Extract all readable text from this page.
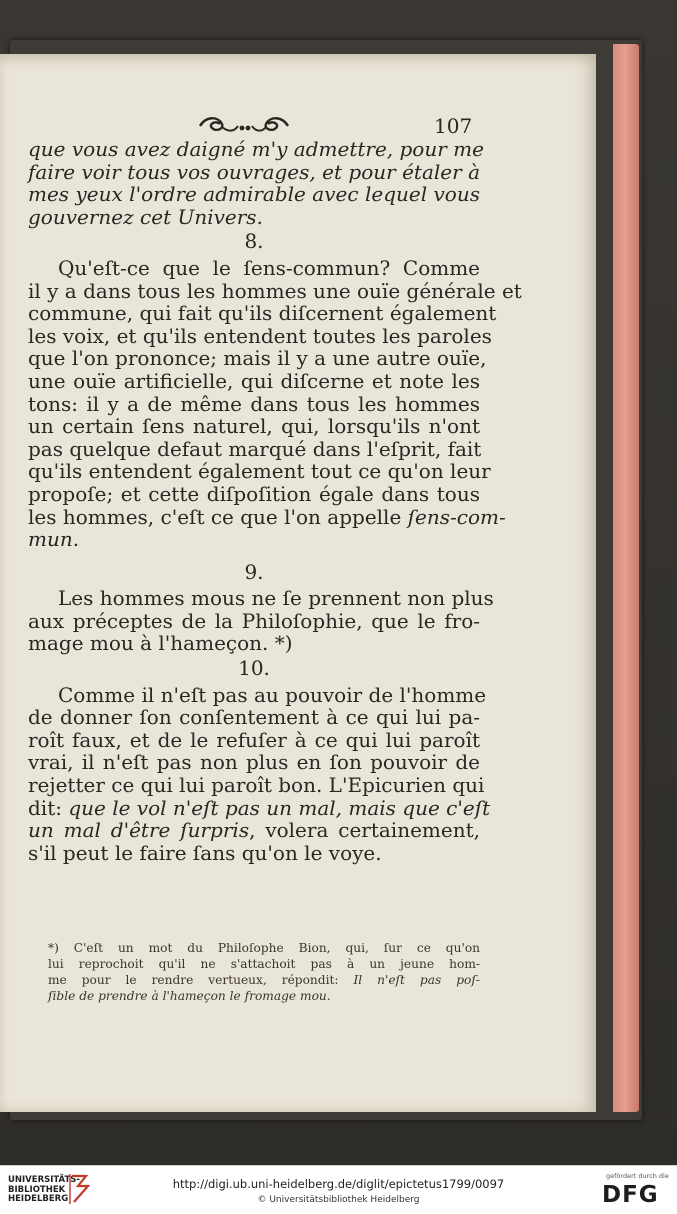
107
que vous avez daigné m'y admettre, pour me
faire voir tous vos ouvrages, et pour étaler à
mes yeux l'ordre admirable avec lequel vous
gouvernez cet Univers.
8.
Qu'eſt-ce que le ſens-commun? Comme
il y a dans tous les hommes une ouïe générale et
commune, qui fait qu'ils diſcernent également
les voix, et qu'ils entendent toutes les paroles
que l'on prononce; mais il y a une autre ouïe,
une ouïe artificielle, qui diſcerne et note les
tons: il y a de même dans tous les hommes
un certain ſens naturel, qui, lorsqu'ils n'ont
pas quelque defaut marqué dans l'eſprit, fait
qu'ils entendent également tout ce qu'on leur
propoſe; et cette diſpoſition égale dans tous
les hommes, c'eſt ce que l'on appelle ſens-com-
mun.
9.
Les hommes mous ne ſe prennent non plus
aux préceptes de la Philoſophie, que le fro-
mage mou à l'hameçon. *)
10.
Comme il n'eſt pas au pouvoir de l'homme
de donner ſon conſentement à ce qui lui pa-
roît faux, et de le refuſer à ce qui lui paroît
vrai, il n'eſt pas non plus en ſon pouvoir de
rejetter ce qui lui paroît bon. L'Epicurien qui
dit: que le vol n'eſt pas un mal, mais que c'eſt
un mal d'être ſurpris, volera certainement,
s'il peut le faire ſans qu'on le voye.
*) C'eſt un mot du Philoſophe Bion, qui, ſur ce qu'on
lui reprochoit qu'il ne s'attachoit pas à un jeune hom-
me pour le rendre vertueux, répondit: Il n'eſt pas poſ-
ſible de prendre à l'hameçon le fromage mou.
UNIVERSITÄTS-
BIBLIOTHEK
HEIDELBERG
http://digi.ub.uni-heidelberg.de/diglit/epictetus1799/0097
© Universitätsbibliothek Heidelberg
gefördert durch die
DFG
